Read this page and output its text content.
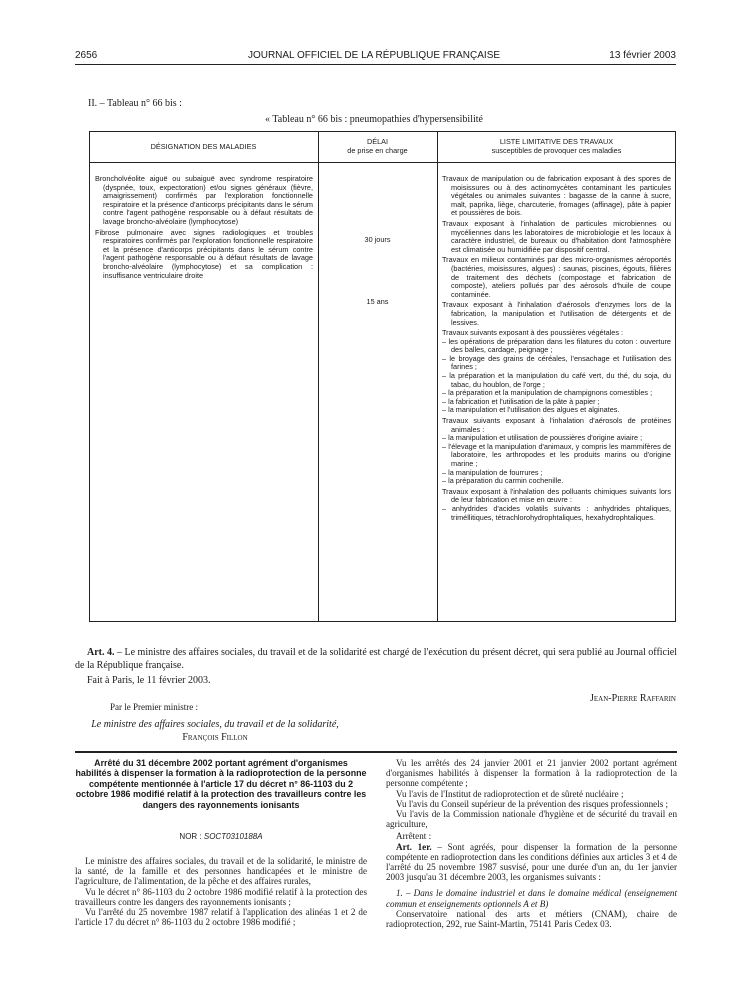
2656	JOURNAL OFFICIEL DE LA RÉPUBLIQUE FRANÇAISE	13 février 2003
II. – Tableau n° 66 bis :
« Tableau n° 66 bis : pneumopathies d'hypersensibilité
DÉSIGNATION DES MALADIES
DÉLAI
de prise en charge
LISTE LIMITATIVE DES TRAVAUX
susceptibles de provoquer ces maladies

Broncholvéolite aiguë ou subaiguë avec syndrome respiratoire (dyspnée, toux, expectoration) et/ou signes généraux (fièvre, amaigrissement) confirmés par l'exploration fonctionnelle respiratoire et la présence d'anticorps précipitants dans le sérum contre l'agent pathogène responsable ou à défaut résultats de lavage broncho-alvéolaire (lymphocytose)

Fibrose pulmonaire avec signes radiologiques et troubles respiratoires confirmés par l'exploration fonctionnelle respiratoire et la présence d'anticorps précipitants dans le sérum contre l'agent pathogène responsable ou à défaut résultats de lavage broncho-alvéolaire (lymphocytose) et sa complication : insuffisance ventriculaire droite

30 jours
15 ans

Travaux de manipulation ou de fabrication exposant à des spores de moisissures ou à des actinomycètes contaminant les particules végétales ou animales suivantes : bagasse de la canne à sucre, malt, paprika, liège, charcuterie, fromages (affinage), pâte à papier et poussières de bois.

Travaux exposant à l'inhalation de particules microbiennes ou mycéliennes dans les laboratoires de microbiologie et les locaux à caractère industriel, de bureaux ou d'habitation dont l'atmosphère est climatisée ou humidifiée par dispositif central.

Travaux en milieux contaminés par des micro-organismes aéroportés (bactéries, moisissures, algues) : saunas, piscines, égouts, filières de traitement des déchets (compostage et fabrication de composte), ateliers pollués par des aérosols d'huile de coupe contaminée.

Travaux exposant à l'inhalation d'aérosols d'enzymes lors de la fabrication, la manipulation et l'utilisation de détergents et de lessives.

Travaux suivants exposant à des poussières végétales :

– les opérations de préparation dans les filatures du coton : ouverture des balles, cardage, peignage ;

– le broyage des grains de céréales, l'ensachage et l'utilisation des farines ;

– la préparation et la manipulation du café vert, du thé, du soja, du tabac, du houblon, de l'orge ;

– la préparation et la manipulation de champignons comestibles ;

– la fabrication et l'utilisation de la pâte à papier ;

– la manipulation et l'utilisation des algues et alginates.

Travaux suivants exposant à l'inhalation d'aérosols de protéines animales :

– la manipulation et utilisation de poussières d'origine aviaire ;

– l'élevage et la manipulation d'animaux, y compris les mammifères de laboratoire, les arthropodes et les produits marins ou d'origine marine ;

– la manipulation de fourrures ;

– la préparation du carmin cochenille.

Travaux exposant à l'inhalation des polluants chimiques suivants lors de leur fabrication et mise en œuvre :

– anhydrides d'acides volatils suivants : anhydrides phtaliques, triméllitiques, tétrachlorohydrophtaliques, hexahydrophtaliques.

Art. 4. – Le ministre des affaires sociales, du travail et de la solidarité est chargé de l'exécution du présent décret, qui sera publié au Journal officiel de la République française.
Fait à Paris, le 11 février 2003.
Jean-Pierre Raffarin
Par le Premier ministre :
Le ministre des affaires sociales, du travail et de la solidarité,
François Fillon
Arrêté du 31 décembre 2002 portant agrément d'organismes habilités à dispenser la formation à la radioprotection de la personne compétente mentionnée à l'article 17 du décret n° 86-1103 du 2 octobre 1986 modifié relatif à la protection des travailleurs contre les dangers des rayonnements ionisants
NOR : SOCT0310188A

Le ministre des affaires sociales, du travail et de la solidarité, le ministre de la santé, de la famille et des personnes handicapées et le ministre de l'agriculture, de l'alimentation, de la pêche et des affaires rurales,

Vu le décret n° 86-1103 du 2 octobre 1986 modifié relatif à la protection des travailleurs contre les dangers des rayonnements ionisants ;

Vu l'arrêté du 25 novembre 1987 relatif à l'application des alinéas 1 et 2 de l'article 17 du décret n° 86-1103 du 2 octobre 1986 modifié ;

Vu les arrêtés des 24 janvier 2001 et 21 janvier 2002 portant agrément d'organismes habilités à dispenser la formation à la radioprotection de la personne compétente ;

Vu l'avis de l'Institut de radioprotection et de sûreté nucléaire ;

Vu l'avis du Conseil supérieur de la prévention des risques professionnels ;

Vu l'avis de la Commission nationale d'hygiène et de sécurité du travail en agriculture,

Arrêtent :

Art. 1er. – Sont agréés, pour dispenser la formation de la personne compétente en radioprotection dans les conditions définies aux articles 3 et 4 de l'arrêté du 25 novembre 1987 susvisé, pour une durée d'un an, du 1er janvier 2003 jusqu'au 31 décembre 2003, les organismes suivants :

1. – Dans le domaine industriel et dans le domaine médical (enseignement commun et enseignements optionnels A et B)

Conservatoire national des arts et métiers (CNAM), chaire de radioprotection, 292, rue Saint-Martin, 75141 Paris Cedex 03.
